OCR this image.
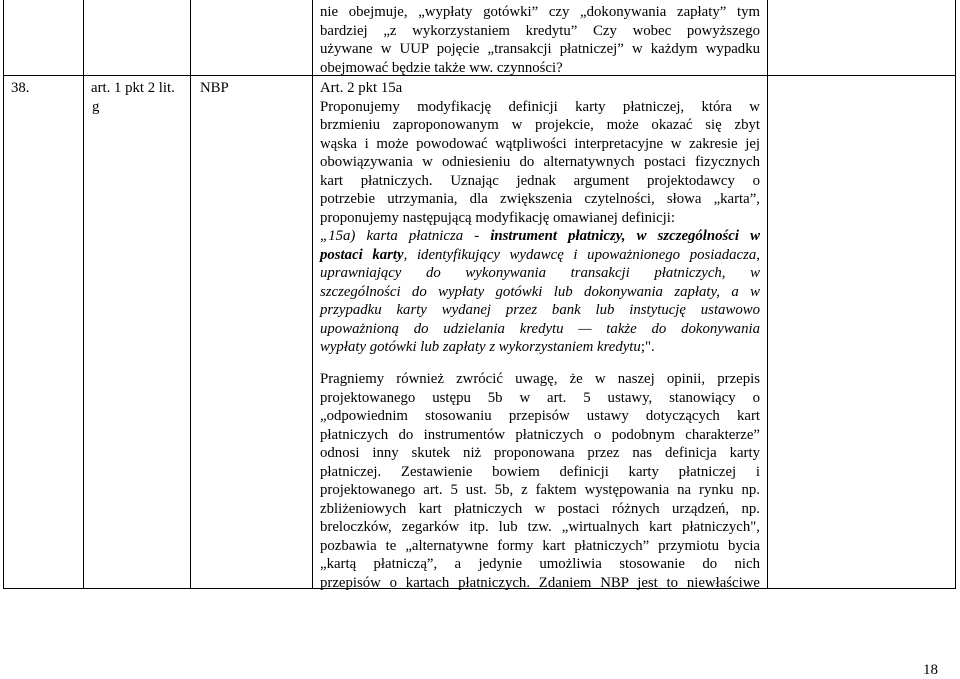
38.	art. 1 pkt 2 lit.
g
NBP
nie obejmuje, „wypłaty gotówki” czy „dokonywania zapłaty” tym
bardziej „z wykorzystaniem kredytu” Czy wobec powyższego
używane w UUP pojęcie „transakcji płatniczej” w każdym wypadku
obejmować będzie także ww. czynności?
Art. 2 pkt 15a
Proponujemy modyfikację definicji karty płatniczej, która w
brzmieniu zaproponowanym w projekcie, może okazać się zbyt
wąska i może powodować wątpliwości interpretacyjne w zakresie jej
obowiązywania w odniesieniu do alternatywnych postaci fizycznych
kart płatniczych. Uznając jednak argument projektodawcy o
potrzebie utrzymania, dla zwiększenia czytelności, słowa „karta”,
proponujemy następującą modyfikację omawianej definicji:
„15a) karta płatnicza - instrument płatniczy, w szczególności w
postaci karty, identyfikujący wydawcę i upoważnionego posiadacza,
uprawniający do wykonywania transakcji płatniczych, w
szczególności do wypłaty gotówki lub dokonywania zapłaty, a w
przypadku karty wydanej przez bank lub instytucję ustawowo
upoważnioną do udzielania kredytu — także do dokonywania
wypłaty gotówki lub zapłaty z wykorzystaniem kredytu;".
Pragniemy również zwrócić uwagę, że w naszej opinii, przepis
projektowanego ustępu 5b w art. 5 ustawy, stanowiący o
„odpowiednim stosowaniu przepisów ustawy dotyczących kart
płatniczych do instrumentów płatniczych o podobnym charakterze”
odnosi inny skutek niż proponowana przez nas definicja karty
płatniczej. Zestawienie bowiem definicji karty płatniczej i
projektowanego art. 5 ust. 5b, z faktem występowania na rynku np.
zbliżeniowych kart płatniczych w postaci różnych urządzeń, np.
breloczków, zegarków itp. lub tzw. „wirtualnych kart płatniczych",
pozbawia te „alternatywne formy kart płatniczych” przymiotu bycia
„kartą płatniczą”, a jedynie umożliwia stosowanie do nich
przepisów o kartach płatniczych. Zdaniem NBP jest to niewłaściwe
18
